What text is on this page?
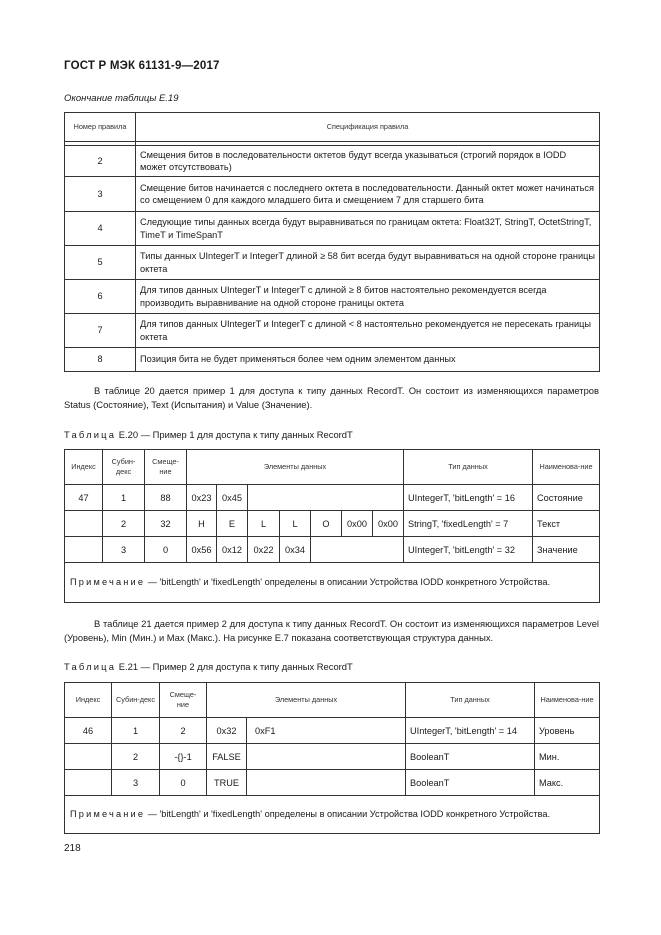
ГОСТ Р МЭК 61131-9—2017
Окончание таблицы Е.19
Номер правила	Спецификация правила

2	Смещения битов в последовательности октетов будут всегда указываться (строгий порядок в IODD может отсутствовать)
3	Смещение битов начинается с последнего октета в последовательности. Данный октет может начинаться со смещением 0 для каждого младшего бита и смещением 7 для старшего бита
4	Следующие типы данных всегда будут выравниваться по границам октета: Float32T, StringT, OctetStringT, TimeT и TimeSpanT
5	Типы данных UIntegerT и IntegerT длиной ≥ 58 бит всегда будут выравниваться на одной стороне границы октета
6	Для типов данных UIntegerT и IntegerT с длиной ≥ 8 битов настоятельно рекомендуется всегда производить выравнивание на одной стороне границы октета
7	Для типов данных UIntegerT и IntegerT с длиной < 8 настоятельно рекомендуется не пересекать границы октета
8	Позиция бита не будет применяться более чем одним элементом данных
В таблице 20 дается пример 1 для доступа к типу данных RecordT. Он состоит из изменяющихся параметров Status (Состояние), Text (Испытания) и Value (Значение).
Таблица Е.20 — Пример 1 для доступа к типу данных RecordT
Индекс	Субин-декс	Смеще-ние	Элементы данных							Тип данных	Наименова-ние
47	1	88	0x23	0x45						UIntegerT, 'bitLength' = 16	Состояние
	2	32	H	E	L	L	O	0x00	0x00	StringT, 'fixedLength' = 7	Текст
	3	0	0x56	0x12	0x22	0x34				UIntegerT, 'bitLength' = 32	Значение
Примечание — 'bitLength' и 'fixedLength' определены в описании Устройства IODD конкретного Устройства.											
В таблице 21 дается пример 2 для доступа к типу данных RecordT. Он состоит из изменяющихся параметров Level (Уровень), Min (Мин.) и Max (Макс.). На рисунке Е.7 показана соответствующая структура данных.
Таблица Е.21 — Пример 2 для доступа к типу данных RecordT
Индекс	Субин-декс	Смеще-ние	Элементы данных		Тип данных	Наименова-ние
46	1	2	0x32	0xF1	UIntegerT, 'bitLength' = 14	Уровень
	2	-{}-1	FALSE		BooleanT	Мин.
	3	0	TRUE		BooleanT	Макс.
Примечание — 'bitLength' и 'fixedLength' определены в описании Устройства IODD конкретного Устройства.						
218
